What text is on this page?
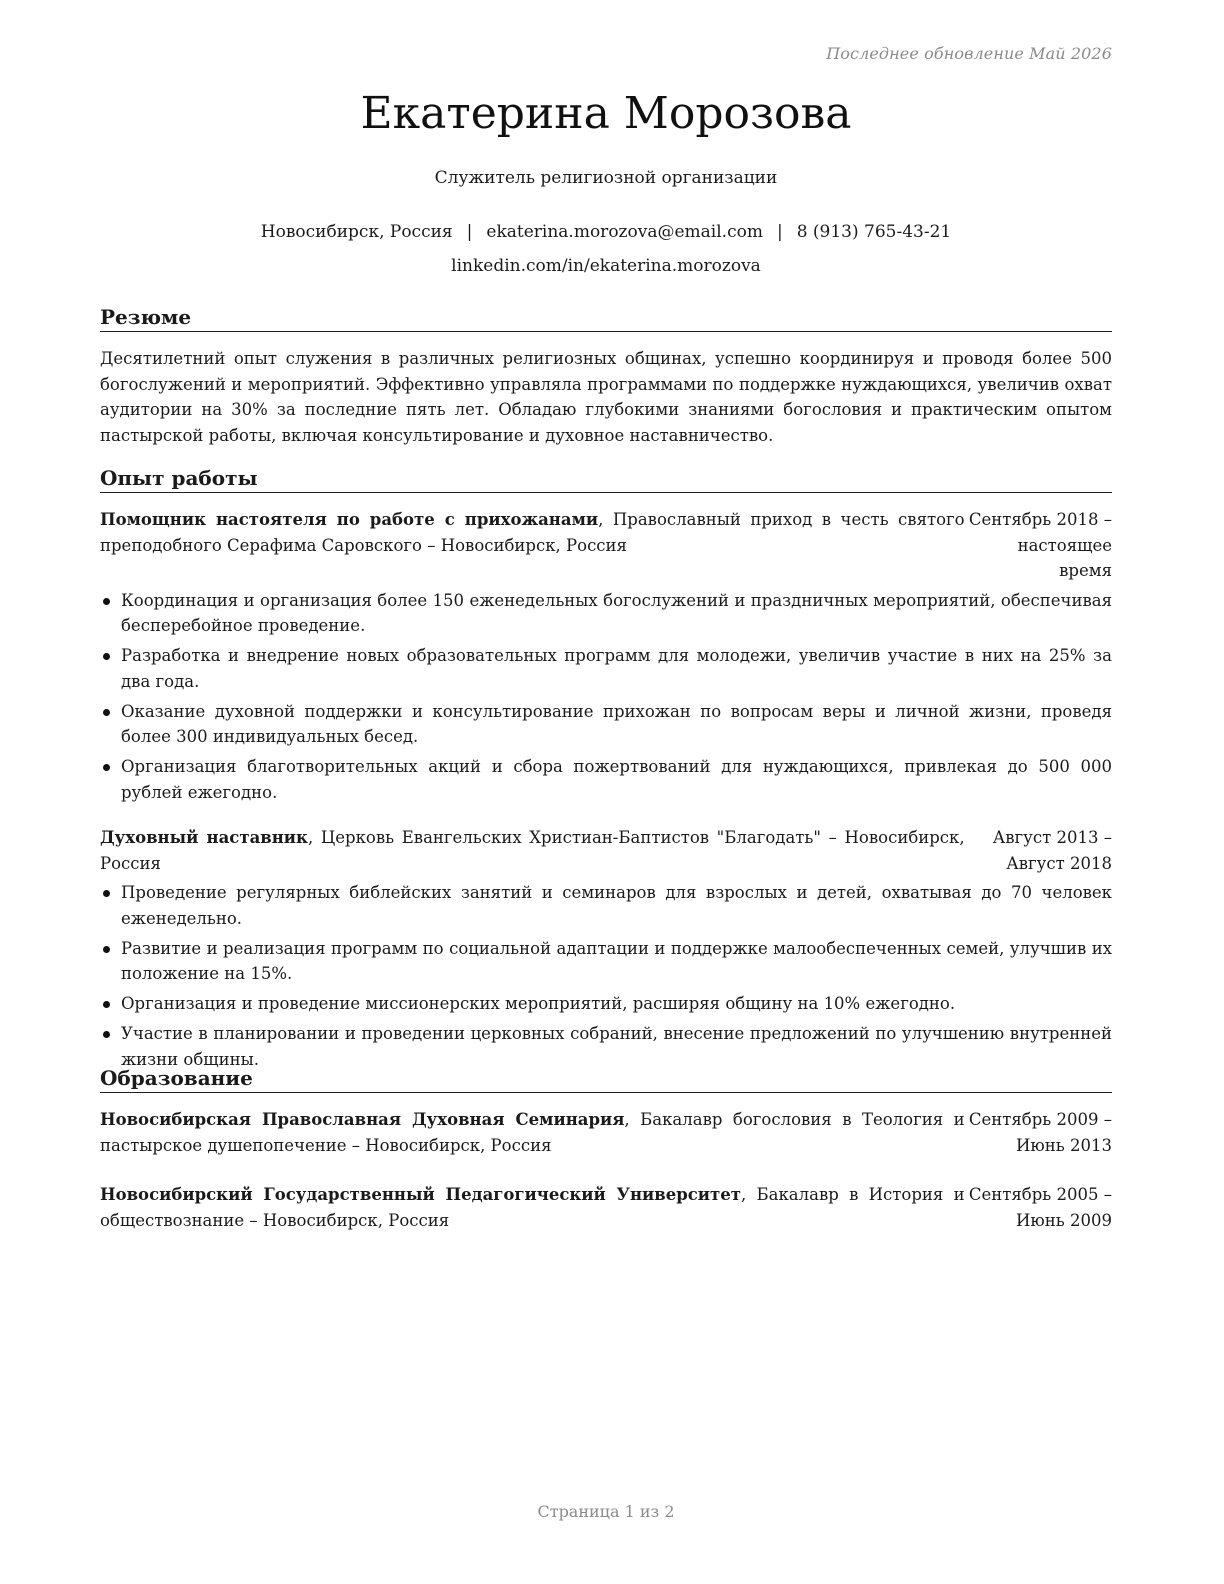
Последнее обновление Май 2026
Екатерина Морозова
Служитель религиозной организации
Новосибирск, Россия | ekaterina.morozova@email.com | 8 (913) 765-43-21
linkedin.com/in/ekaterina.morozova
Резюме

Десятилетний опыт служения в различных религиозных общинах, успешно координируя и проводя более 500 богослужений и мероприятий. Эффективно управляла программами по поддержке нуждающихся, увеличив охват аудитории на 30% за последние пять лет. Обладаю глубокими знаниями богословия и практическим опытом пастырской работы, включая консультирование и духовное наставничество.

Опыт работы
Помощник настоятеля по работе с прихожанами, Православный приход в честь святого преподобного Серафима Саровского – Новосибирск, Россия
Сентябрь 2018 – настоящее время
Координация и организация более 150 еженедельных богослужений и праздничных мероприятий, обеспечивая бесперебойное проведение.
Разработка и внедрение новых образовательных программ для молодежи, увеличив участие в них на 25% за два года.
Оказание духовной поддержки и консультирование прихожан по вопросам веры и личной жизни, проведя более 300 индивидуальных бесед.
Организация благотворительных акций и сбора пожертвований для нуждающихся, привлекая до 500 000 рублей ежегодно.
Духовный наставник, Церковь Евангельских Христиан-Баптистов "Благодать" – Новосибирск, Россия
Август 2013 – Август 2018
Проведение регулярных библейских занятий и семинаров для взрослых и детей, охватывая до 70 человек еженедельно.
Развитие и реализация программ по социальной адаптации и поддержке малообеспеченных семей, улучшив их положение на 15%.
Организация и проведение миссионерских мероприятий, расширяя общину на 10% ежегодно.
Участие в планировании и проведении церковных собраний, внесение предложений по улучшению внутренней жизни общины.
Образование
Новосибирская Православная Духовная Семинария, Бакалавр богословия в Теология и пастырское душепопечение – Новосибирск, Россия
Сентябрь 2009 – Июнь 2013
Новосибирский Государственный Педагогический Университет, Бакалавр в История и обществознание – Новосибирск, Россия
Сентябрь 2005 – Июнь 2009
Страница 1 из 2
